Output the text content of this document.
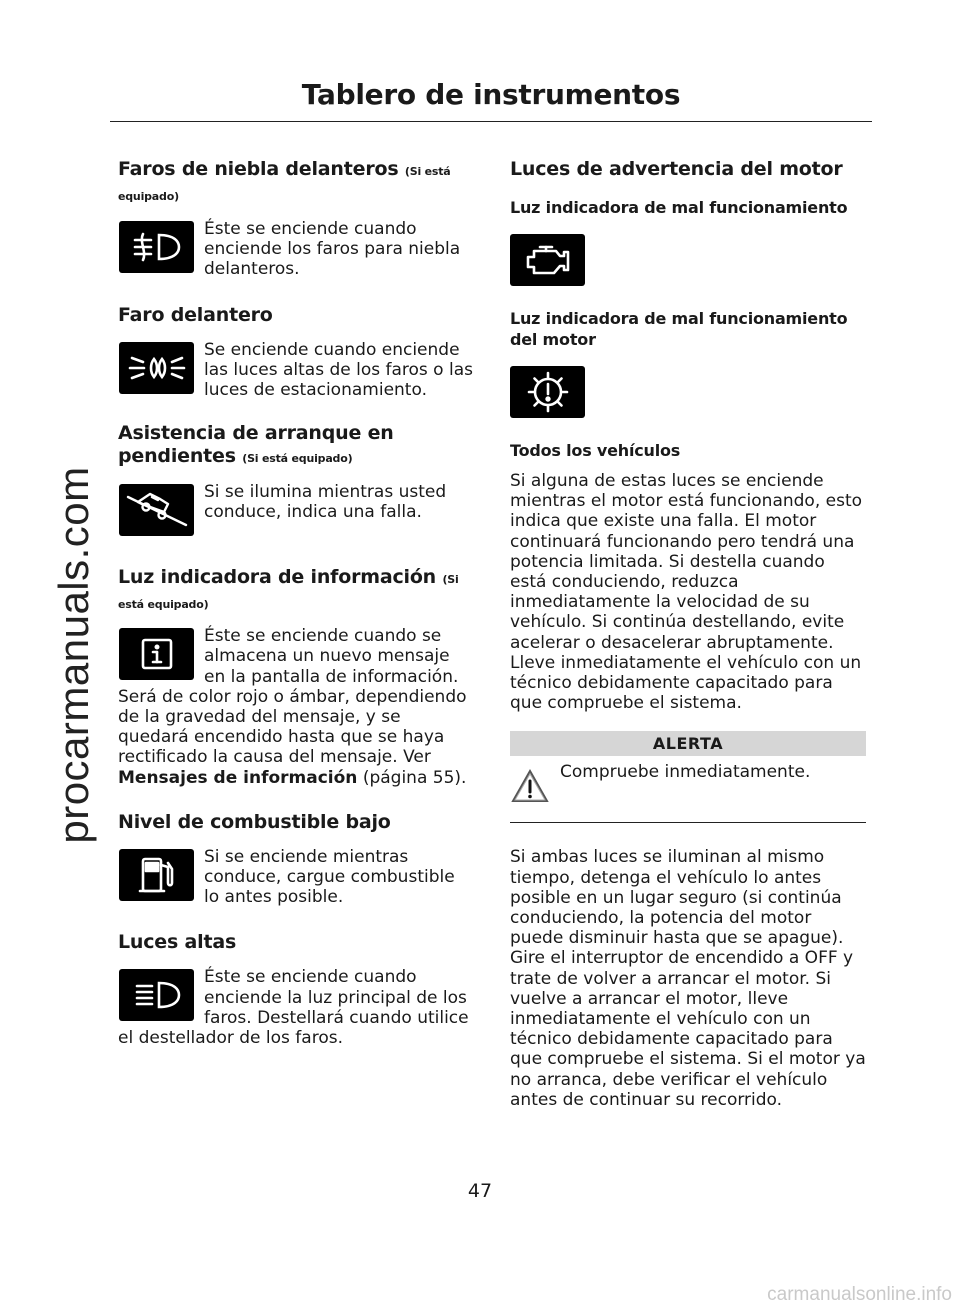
procarmanuals.com
carmanualsonline.info
Tablero de instrumentos
Faros de niebla delanteros (Si está equipado)

Éste se enciende cuando enciende los faros para niebla delanteros.

Faro delantero

Se enciende cuando enciende las luces altas de los faros o las luces de estacionamiento.

Asistencia de arranque en pendientes (Si está equipado)

Si se ilumina mientras usted conduce, indica una falla.

Luz indicadora de información (Si está equipado)

Éste se enciende cuando se almacena un nuevo mensaje en la pantalla de información. Será de color rojo o ámbar, dependiendo de la gravedad del mensaje, y se quedará encendido hasta que se haya rectificado la causa del mensaje. Ver Mensajes de información (página 55).

Nivel de combustible bajo

Si se enciende mientras conduce, cargue combustible lo antes posible.

Luces altas

Éste se enciende cuando enciende la luz principal de los faros. Destellará cuando utilice el destellador de los faros.

Luces de advertencia del motor
Luz indicadora de mal funcionamiento
Luz indicadora de mal funcionamiento del motor
Todos los vehículos

Si alguna de estas luces se enciende mientras el motor está funcionando, esto indica que existe una falla. El motor continuará funcionando pero tendrá una potencia limitada. Si destella cuando está conduciendo, reduzca inmediatamente la velocidad de su vehículo. Si continúa destellando, evite acelerar o desacelerar abruptamente. Lleve inmediatamente el vehículo con un técnico debidamente capacitado para que compruebe el sistema.

ALERTA

Compruebe inmediatamente.

Si ambas luces se iluminan al mismo tiempo, detenga el vehículo lo antes posible en un lugar seguro (si continúa conduciendo, la potencia del motor puede disminuir hasta que se apague). Gire el interruptor de encendido a OFF y trate de volver a arrancar el motor. Si vuelve a arrancar el motor, lleve inmediatamente el vehículo con un técnico debidamente capacitado para que compruebe el sistema. Si el motor ya no arranca, debe verificar el vehículo antes de continuar su recorrido.

47
